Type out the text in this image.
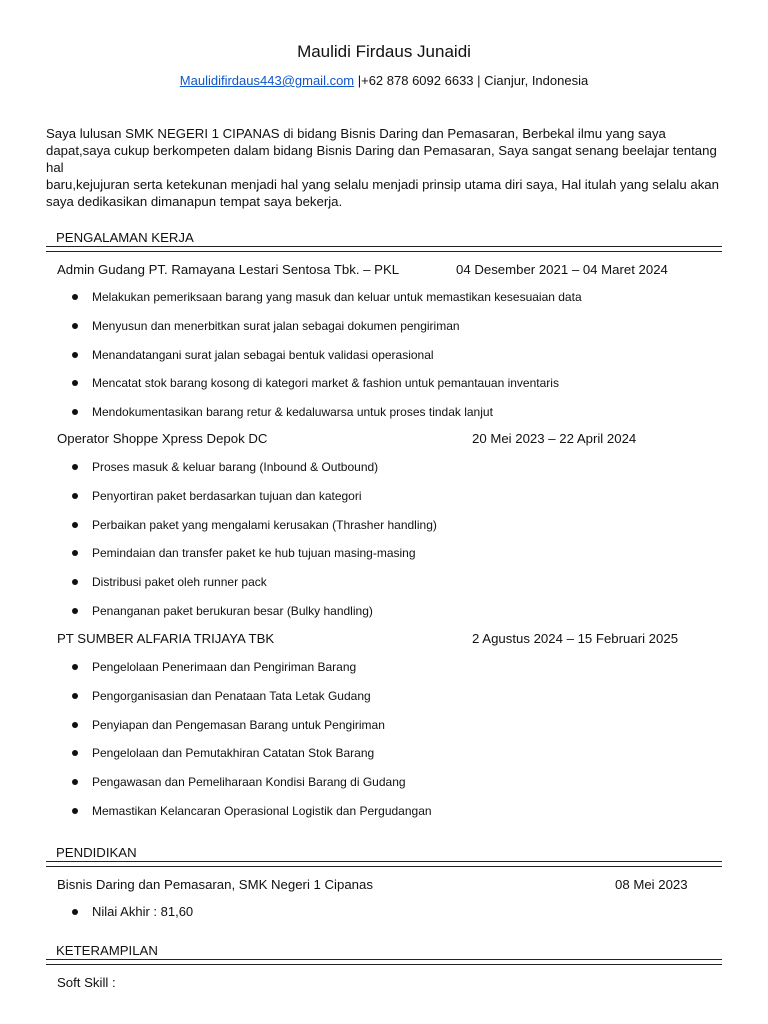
Maulidi Firdaus Junaidi
Maulidifirdaus443@gmail.com |+62 878 6092 6633 | Cianjur, Indonesia

Saya lulusan SMK NEGERI 1 CIPANAS di bidang Bisnis Daring dan Pemasaran, Berbekal ilmu yang saya dapat,saya cukup berkompeten dalam bidang Bisnis Daring dan Pemasaran, Saya sangat senang beelajar tentang hal

baru,kejujuran serta ketekunan menjadi hal yang selalu menjadi prinsip utama diri saya, Hal itulah yang selalu akan saya dedikasikan dimanapun tempat saya bekerja.

PENGALAMAN KERJA
Admin Gudang PT. Ramayana Lestari Sentosa Tbk. – PKL	04 Desember 2021 – 04 Maret 2024
Melakukan pemeriksaan barang yang masuk dan keluar untuk memastikan kesesuaian data
Menyusun dan menerbitkan surat jalan sebagai dokumen pengiriman
Menandatangani surat jalan sebagai bentuk validasi operasional
Mencatat stok barang kosong di kategori market & fashion untuk pemantauan inventaris
Mendokumentasikan barang retur & kedaluwarsa untuk proses tindak lanjut
Operator Shoppe Xpress Depok DC	20 Mei 2023 – 22 April 2024
Proses masuk & keluar barang (Inbound & Outbound)
Penyortiran paket berdasarkan tujuan dan kategori
Perbaikan paket yang mengalami kerusakan (Thrasher handling)
Pemindaian dan transfer paket ke hub tujuan masing-masing
Distribusi paket oleh runner pack
Penanganan paket berukuran besar (Bulky handling)
PT SUMBER ALFARIA TRIJAYA TBK	2 Agustus 2024 – 15 Februari 2025
Pengelolaan Penerimaan dan Pengiriman Barang
Pengorganisasian dan Penataan Tata Letak Gudang
Penyiapan dan Pengemasan Barang untuk Pengiriman
Pengelolaan dan Pemutakhiran Catatan Stok Barang
Pengawasan dan Pemeliharaan Kondisi Barang di Gudang
Memastikan Kelancaran Operasional Logistik dan Pergudangan
PENDIDIKAN
Bisnis Daring dan Pemasaran, SMK Negeri 1 Cipanas	08 Mei 2023
Nilai Akhir : 81,60
KETERAMPILAN
Soft Skill :
